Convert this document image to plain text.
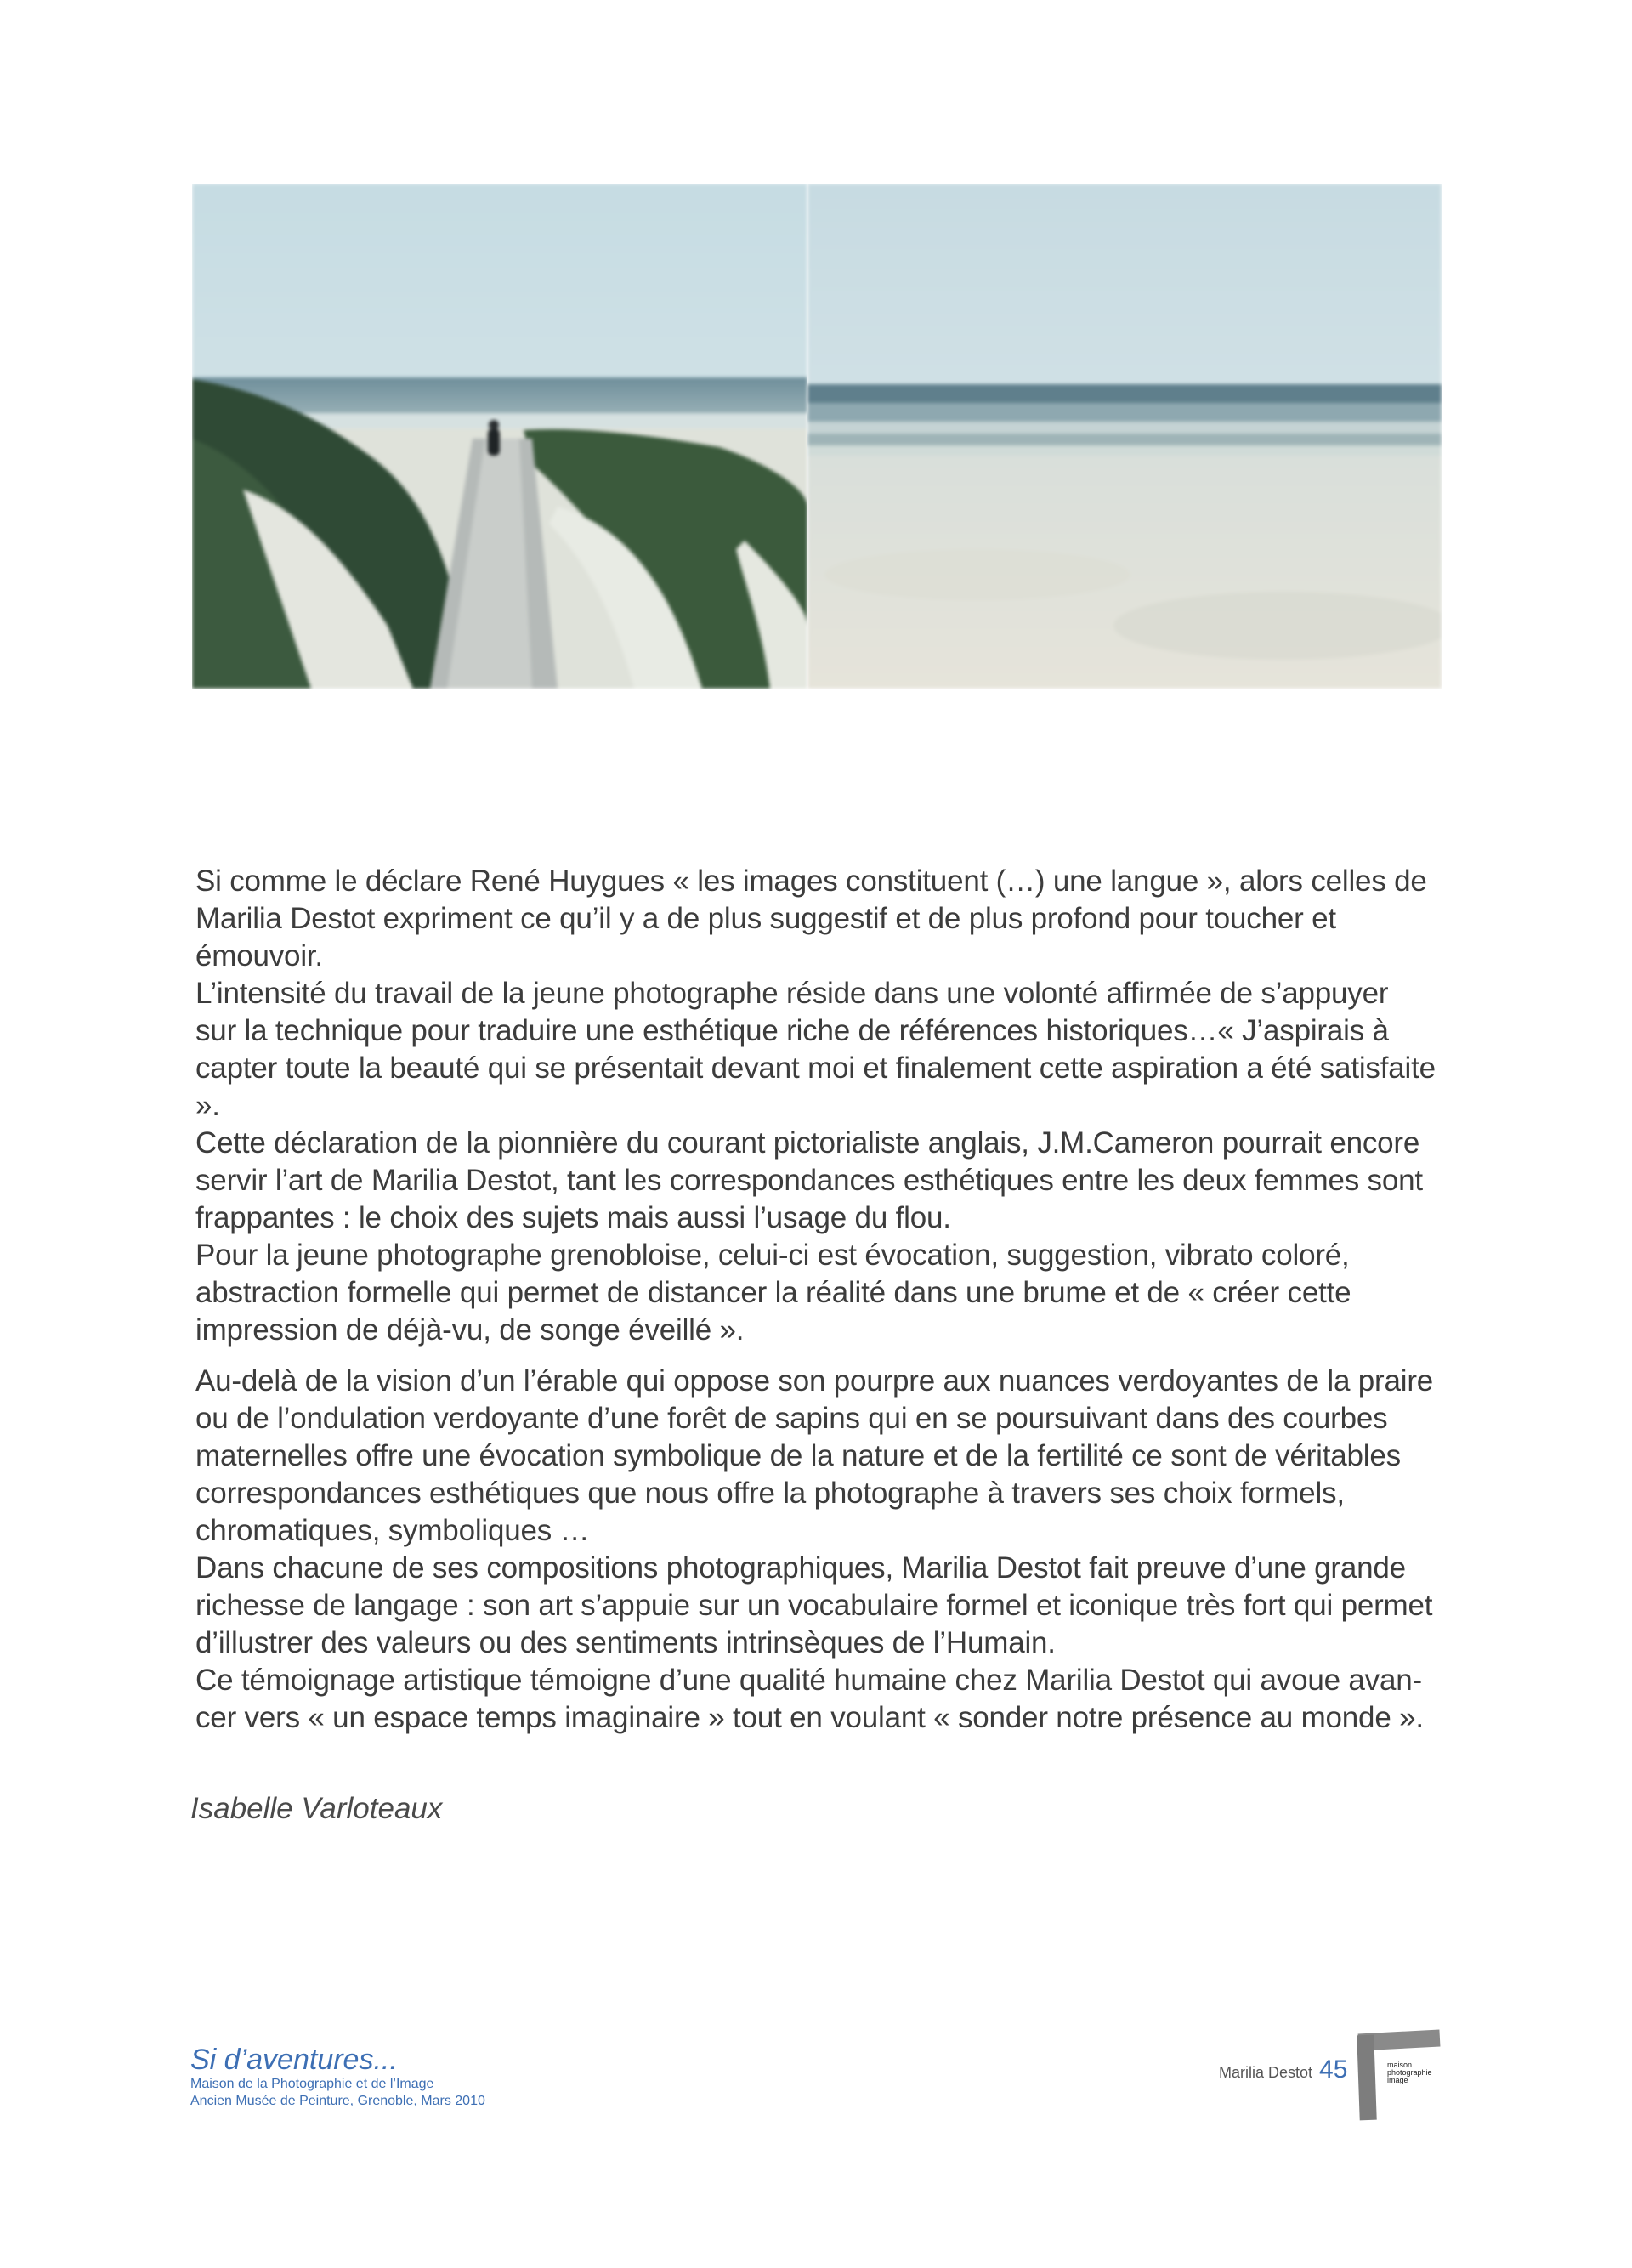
Si comme le déclare René Huygues « les images constituent (…) une langue », alors celles de

Marilia Destot expriment ce qu’il y a de plus suggestif et de plus profond pour toucher et émouvoir.

L’intensité du travail de la jeune photographe réside dans une volonté affirmée de s’appuyer

sur la technique pour traduire une esthétique riche de références historiques…« J’aspirais à

capter toute la beauté qui se présentait devant moi et finalement cette aspiration a été satisfaite ».

Cette déclaration de la pionnière du courant pictorialiste anglais, J.M.Cameron pourrait encore

servir l’art de Marilia Destot, tant les correspondances esthétiques entre les deux femmes sont

frappantes : le choix des sujets mais aussi l’usage du flou.

Pour la jeune photographe grenobloise, celui-ci est évocation, suggestion, vibrato coloré,

abstraction formelle qui permet de distancer la réalité dans une brume et de « créer cette

impression de déjà-vu, de songe éveillé ».

Au-delà de la vision d’un l’érable qui oppose son pourpre aux nuances verdoyantes de la praire

ou de l’ondulation verdoyante d’une forêt de sapins qui en se poursuivant dans des courbes

maternelles offre une évocation symbolique de la nature et de la fertilité ce sont de véritables

correspondances esthétiques que nous offre la photographe à travers ses choix formels,

chromatiques, symboliques …

Dans chacune de ses compositions photographiques, Marilia Destot fait preuve d’une grande

richesse de langage : son art s’appuie sur un vocabulaire formel et iconique très fort qui permet

d’illustrer des valeurs ou des sentiments intrinsèques de l’Humain.

Ce témoignage artistique témoigne d’une qualité humaine chez Marilia Destot qui avoue avan-

cer vers « un espace temps imaginaire » tout en voulant « sonder notre présence au monde ».

Isabelle Varloteaux
Si d’aventures...
Maison de la Photographie et de l’Image
Ancien Musée de Peinture, Grenoble, Mars 2010
Marilia Destot 45	maison
photographie
image
